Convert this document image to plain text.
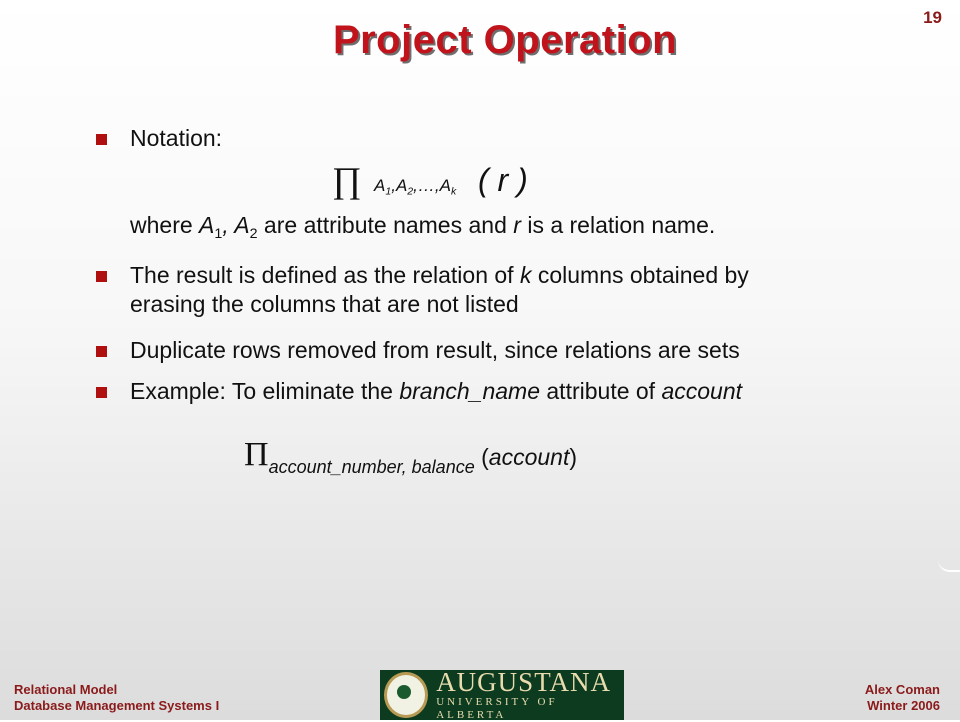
19
Project Operation
Notation:
∏ $A_1,A_2,\dots,A_k$ ( r )
where $A_1$, $A_2$ are attribute names and r is a relation name.
The result is defined as the relation of k columns obtained by
erasing the columns that are not listed
Duplicate rows removed from result, since relations are sets
Example: To eliminate the branch_name attribute of account
Πaccount_number, balance (account)
Relational Model
Database Management Systems I
AUGUSTANA
UNIVERSITY OF ALBERTA
Alex Coman
Winter 2006
